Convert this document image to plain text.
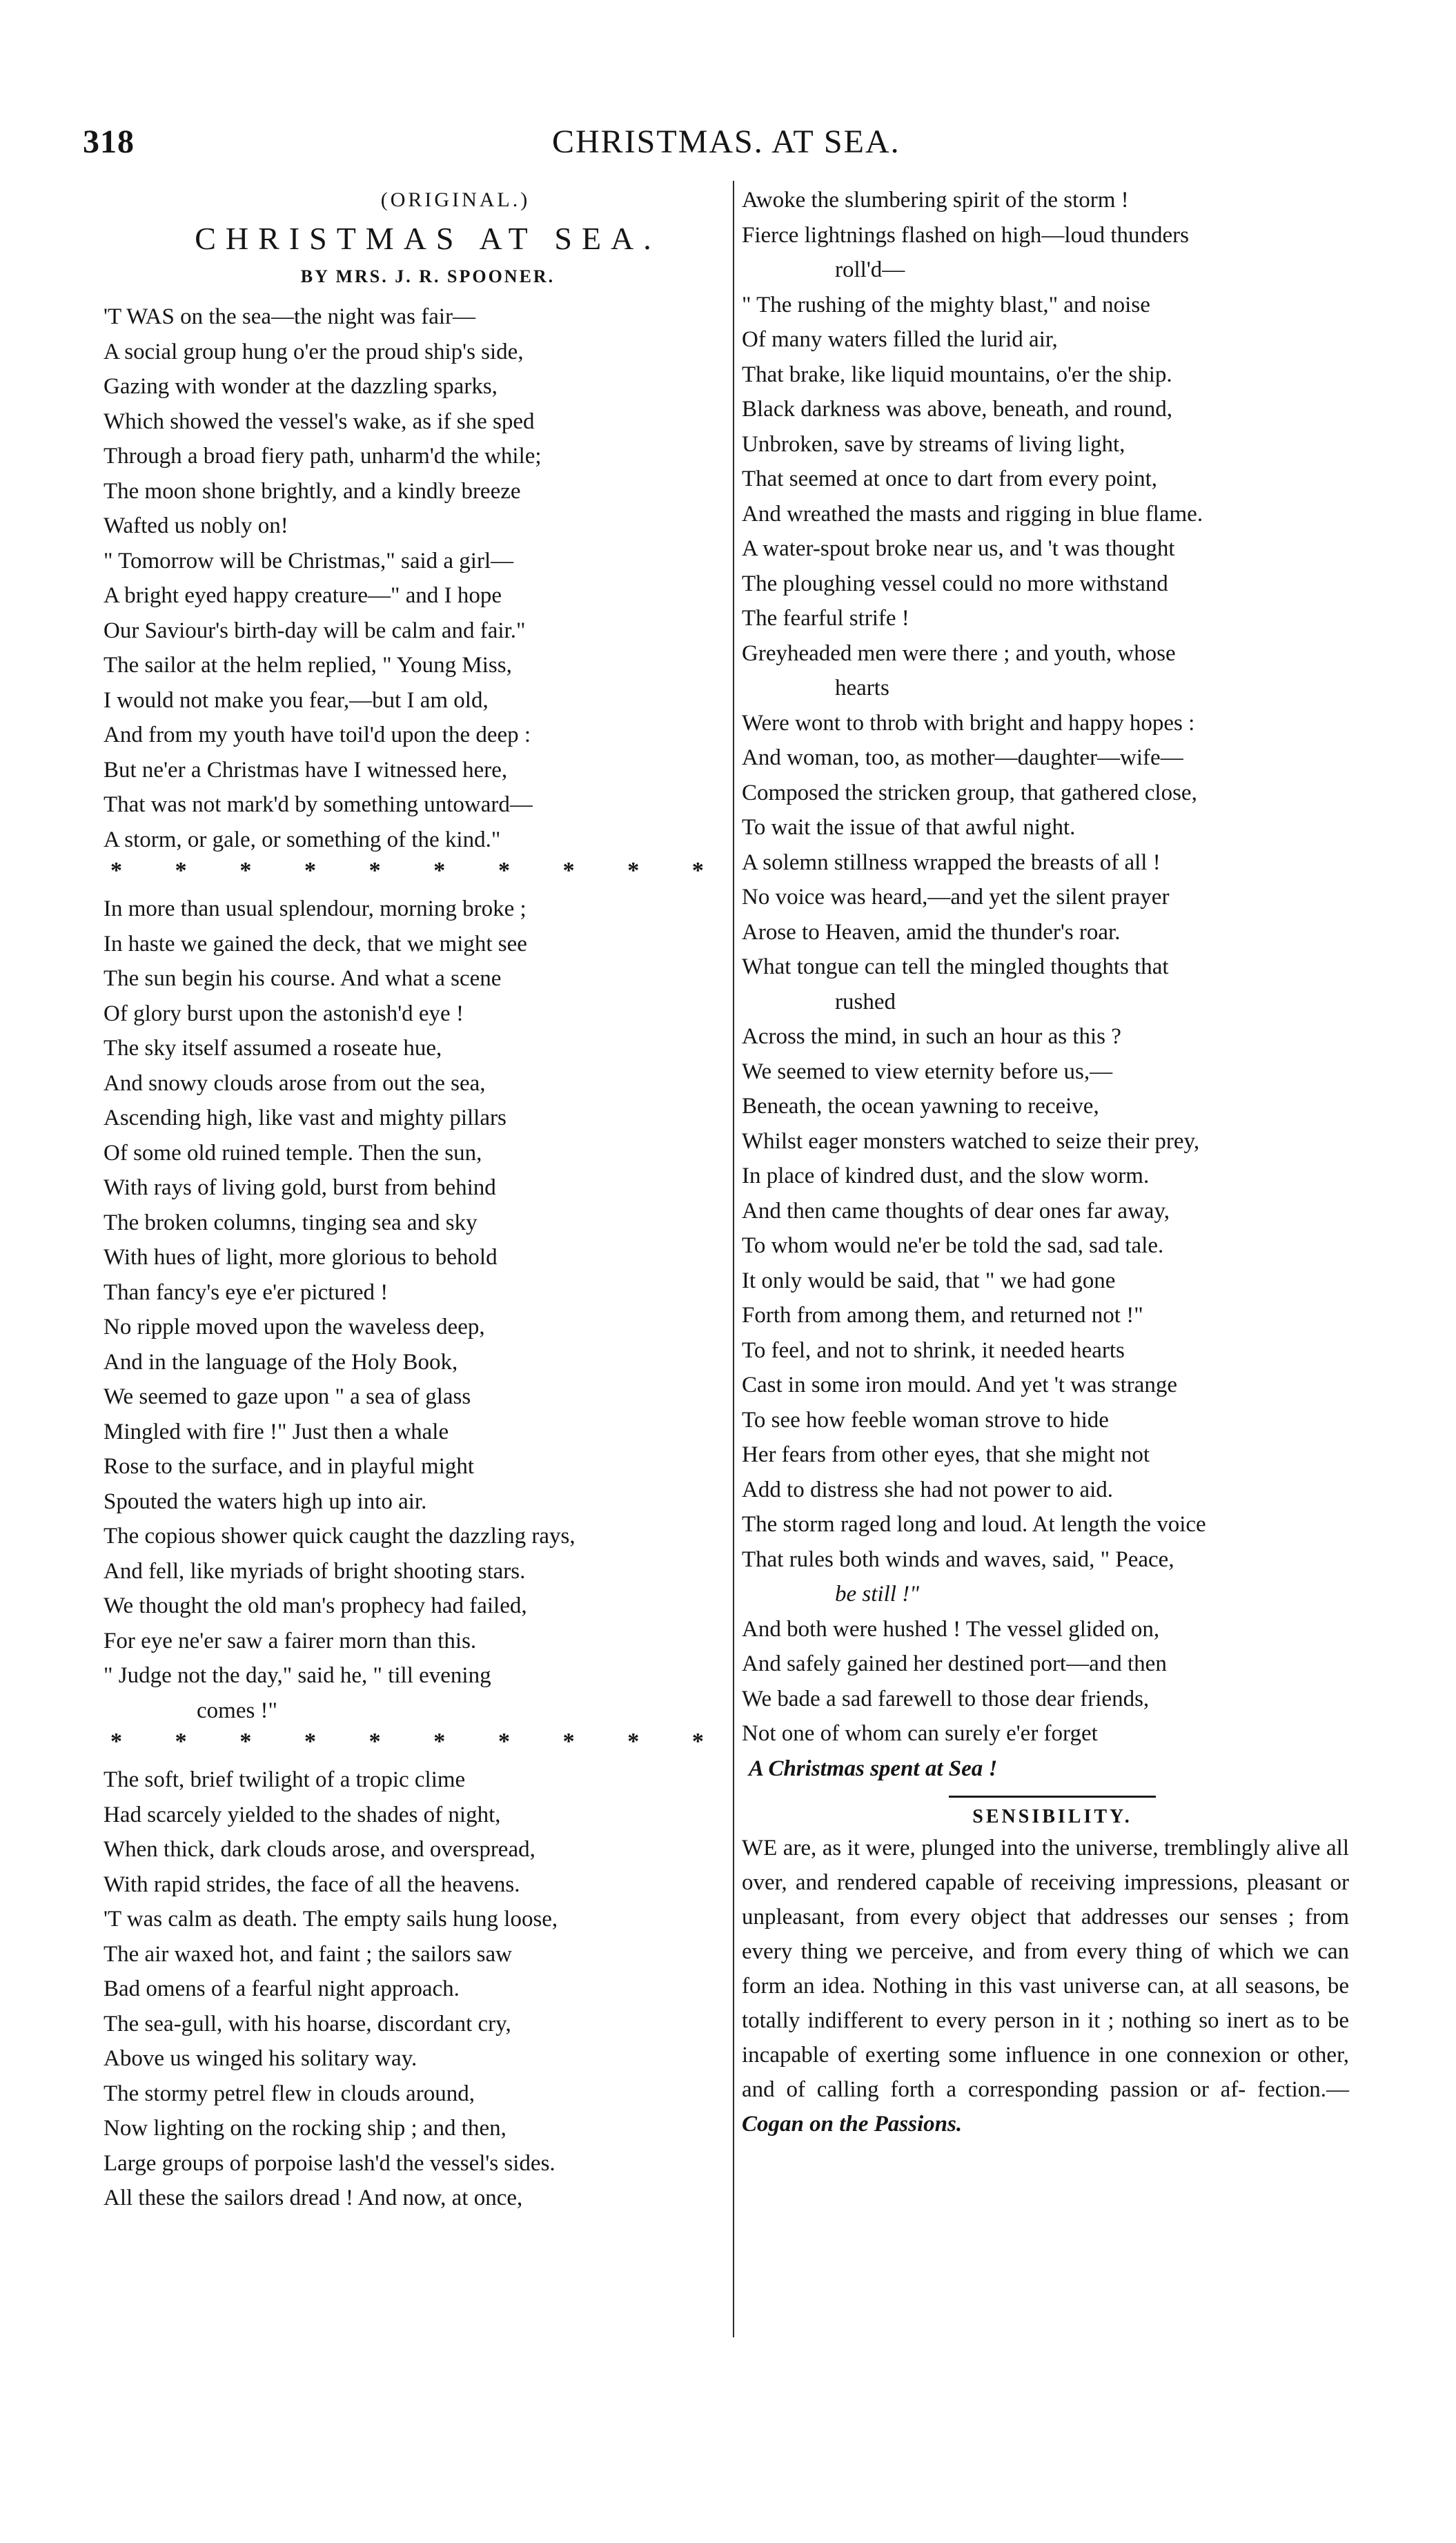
318	CHRISTMAS. AT SEA.
(ORIGINAL.)
CHRISTMAS AT SEA.
BY MRS. J. R. SPOONER.
'T WAS on the sea—the night was fair—
A social group hung o'er the proud ship's side,
Gazing with wonder at the dazzling sparks,
Which showed the vessel's wake, as if she sped
Through a broad fiery path, unharm'd the while;
The moon shone brightly, and a kindly breeze
Wafted us nobly on!
" Tomorrow will be Christmas," said a girl—
A bright eyed happy creature—" and I hope
Our Saviour's birth-day will be calm and fair."
The sailor at the helm replied, " Young Miss,
I would not make you fear,—but I am old,
And from my youth have toil'd upon the deep :
But ne'er a Christmas have I witnessed here,
That was not mark'd by something untoward—
A storm, or gale, or something of the kind."
* * * * * * * * * *
In more than usual splendour, morning broke ;
In haste we gained the deck, that we might see
The sun begin his course. And what a scene
Of glory burst upon the astonish'd eye !
The sky itself assumed a roseate hue,
And snowy clouds arose from out the sea,
Ascending high, like vast and mighty pillars
Of some old ruined temple. Then the sun,
With rays of living gold, burst from behind
The broken columns, tinging sea and sky
With hues of light, more glorious to behold
Than fancy's eye e'er pictured !
No ripple moved upon the waveless deep,
And in the language of the Holy Book,
We seemed to gaze upon " a sea of glass
Mingled with fire !" Just then a whale
Rose to the surface, and in playful might
Spouted the waters high up into air.
The copious shower quick caught the dazzling rays,
And fell, like myriads of bright shooting stars.
We thought the old man's prophecy had failed,
For eye ne'er saw a fairer morn than this.
" Judge not the day," said he, " till evening
comes !"
* * * * * * * * * *
The soft, brief twilight of a tropic clime
Had scarcely yielded to the shades of night,
When thick, dark clouds arose, and overspread,
With rapid strides, the face of all the heavens.
'T was calm as death. The empty sails hung loose,
The air waxed hot, and faint ; the sailors saw
Bad omens of a fearful night approach.
The sea-gull, with his hoarse, discordant cry,
Above us winged his solitary way.
The stormy petrel flew in clouds around,
Now lighting on the rocking ship ; and then,
Large groups of porpoise lash'd the vessel's sides.
All these the sailors dread ! And now, at once,
Awoke the slumbering spirit of the storm !
Fierce lightnings flashed on high—loud thunders
roll'd—
" The rushing of the mighty blast," and noise
Of many waters filled the lurid air,
That brake, like liquid mountains, o'er the ship.
Black darkness was above, beneath, and round,
Unbroken, save by streams of living light,
That seemed at once to dart from every point,
And wreathed the masts and rigging in blue flame.
A water-spout broke near us, and 't was thought
The ploughing vessel could no more withstand
The fearful strife !
Greyheaded men were there ; and youth, whose
hearts
Were wont to throb with bright and happy hopes :
And woman, too, as mother—daughter—wife—
Composed the stricken group, that gathered close,
To wait the issue of that awful night.
A solemn stillness wrapped the breasts of all !
No voice was heard,—and yet the silent prayer
Arose to Heaven, amid the thunder's roar.
What tongue can tell the mingled thoughts that
rushed
Across the mind, in such an hour as this ?
We seemed to view eternity before us,—
Beneath, the ocean yawning to receive,
Whilst eager monsters watched to seize their prey,
In place of kindred dust, and the slow worm.
And then came thoughts of dear ones far away,
To whom would ne'er be told the sad, sad tale.
It only would be said, that " we had gone
Forth from among them, and returned not !"
To feel, and not to shrink, it needed hearts
Cast in some iron mould. And yet 't was strange
To see how feeble woman strove to hide
Her fears from other eyes, that she might not
Add to distress she had not power to aid.
The storm raged long and loud. At length the voice
That rules both winds and waves, said, " Peace,
be still !"
And both were hushed ! The vessel glided on,
And safely gained her destined port—and then
We bade a sad farewell to those dear friends,
Not one of whom can surely e'er forget
A Christmas spent at Sea !
SENSIBILITY.
WE are, as it were, plunged into the universe, tremblingly alive all over, and rendered capable of receiving impressions, pleasant or unpleasant, from every object that addresses our senses ; from every thing we perceive, and from every thing of which we can form an idea. Nothing in this vast universe can, at all seasons, be totally indifferent to every person in it ; nothing so inert as to be incapable of exerting some influence in one connexion or other, and of calling forth a corresponding passion or af- fection.—Cogan on the Passions.
